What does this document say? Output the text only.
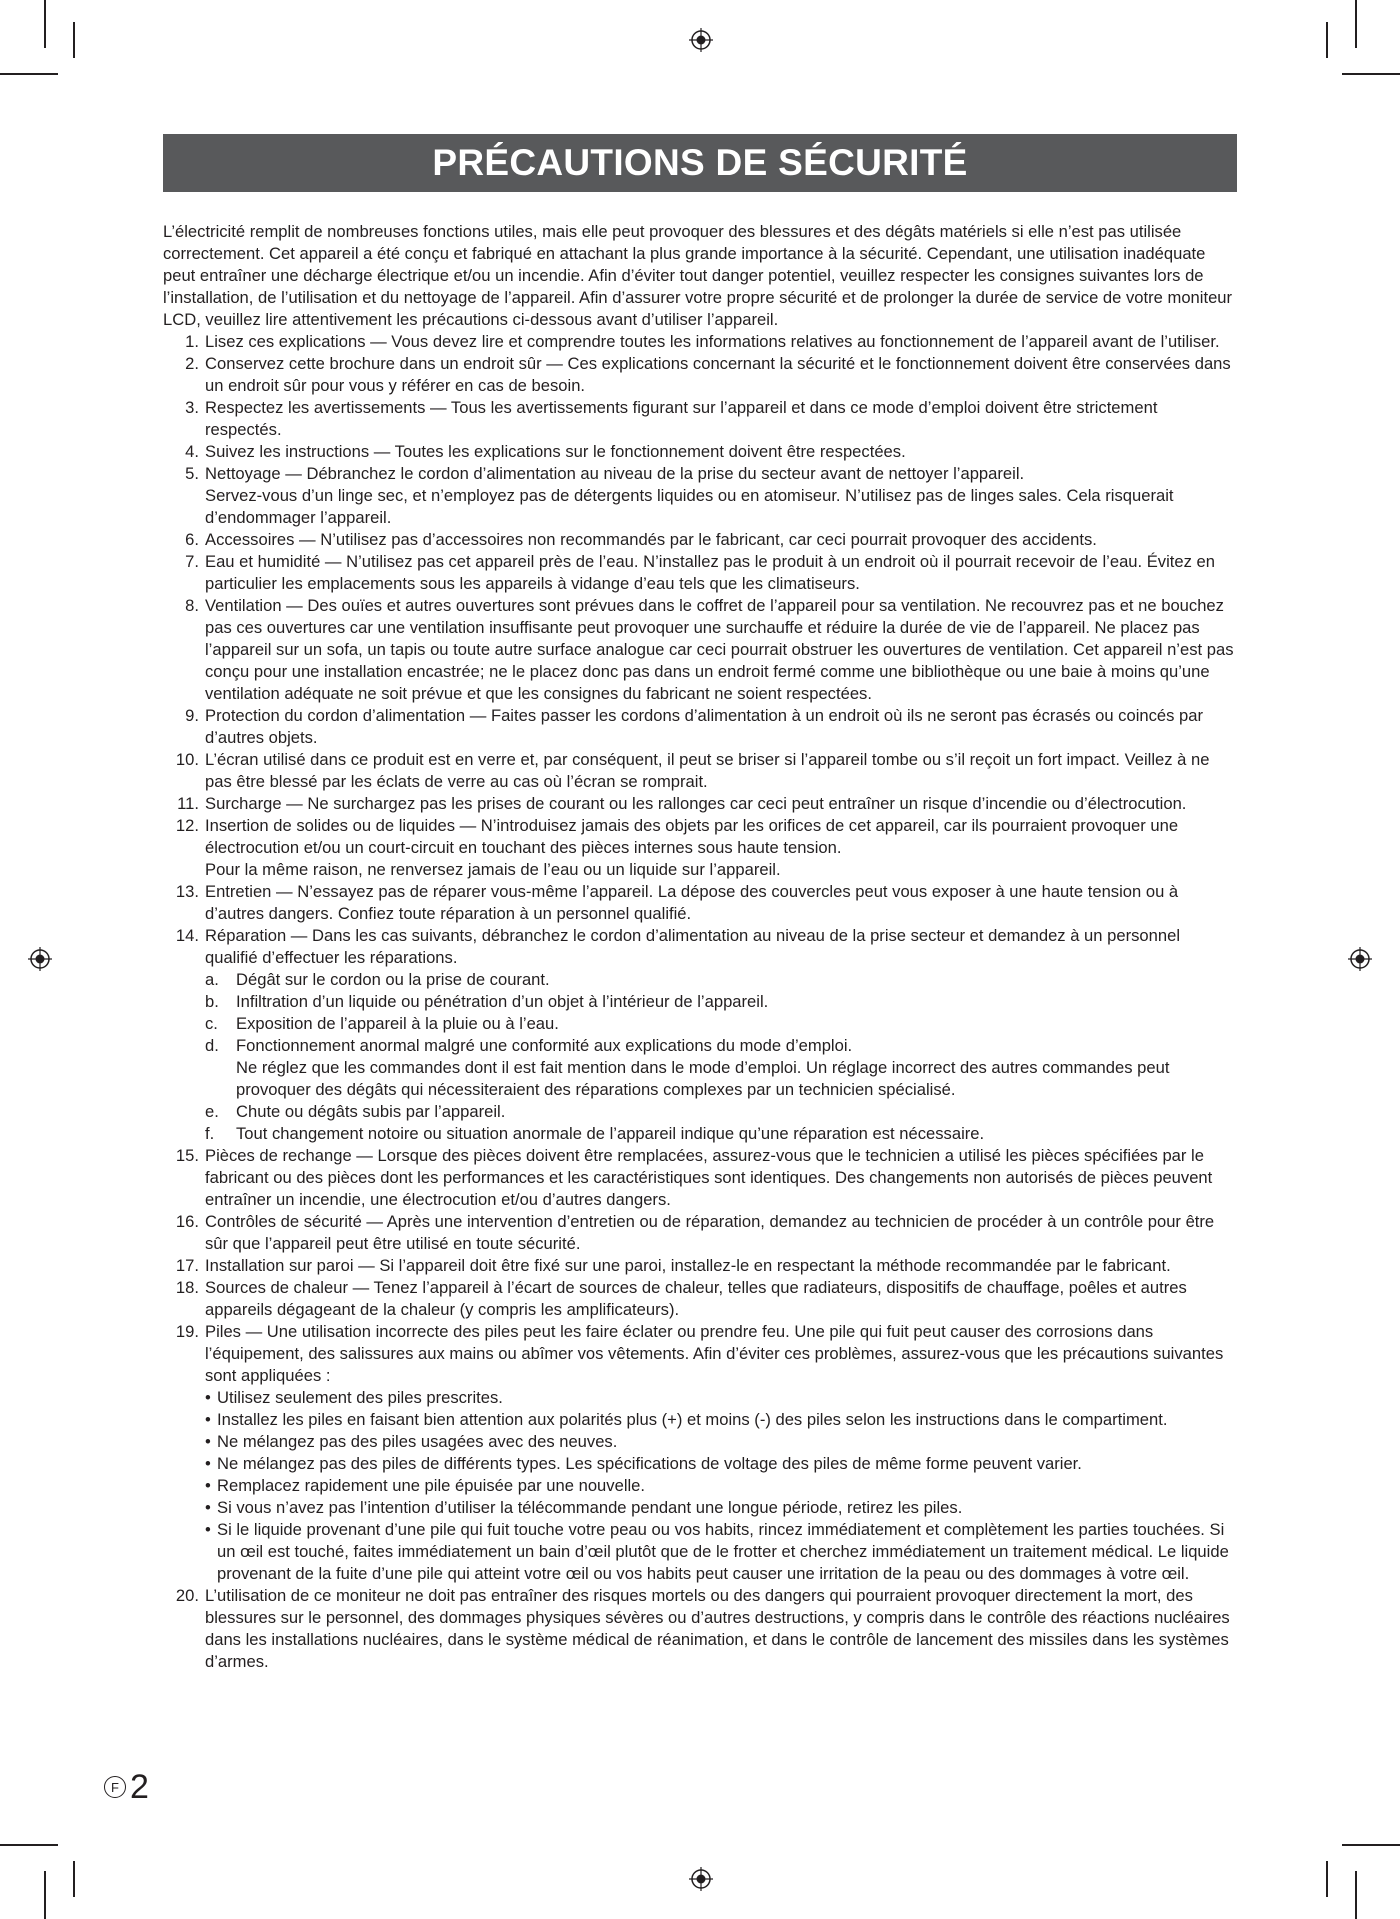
PRÉCAUTIONS DE SÉCURITÉ

L’électricité remplit de nombreuses fonctions utiles, mais elle peut provoquer des blessures et des dégâts matériels si elle n’est pas utilisée correctement. Cet appareil a été conçu et fabriqué en attachant la plus grande importance à la sécurité. Cependant, une utilisation inadéquate peut entraîner une décharge électrique et/ou un incendie. Afin d’éviter tout danger potentiel, veuillez respecter les consignes suivantes lors de l’installation, de l’utilisation et du nettoyage de l’appareil. Afin d’assurer votre propre sécurité et de prolonger la durée de service de votre moniteur LCD, veuillez lire attentivement les précautions ci-dessous avant d’utiliser l’appareil.

1. Lisez ces explications — Vous devez lire et comprendre toutes les informations relatives au fonctionnement de l’appareil avant de l’utiliser.
2. Conservez cette brochure dans un endroit sûr — Ces explications concernant la sécurité et le fonctionnement doivent être conservées dans un endroit sûr pour vous y référer en cas de besoin.
3. Respectez les avertissements — Tous les avertissements figurant sur l’appareil et dans ce mode d’emploi doivent être strictement respectés.
4. Suivez les instructions — Toutes les explications sur le fonctionnement doivent être respectées.
5. Nettoyage — Débranchez le cordon d’alimentation au niveau de la prise du secteur avant de nettoyer l’appareil.
Servez-vous d’un linge sec, et n’employez pas de détergents liquides ou en atomiseur. N’utilisez pas de linges sales. Cela risquerait d’endommager l’appareil.
6. Accessoires — N’utilisez pas d’accessoires non recommandés par le fabricant, car ceci pourrait provoquer des accidents.
7. Eau et humidité — N’utilisez pas cet appareil près de l’eau. N’installez pas le produit à un endroit où il pourrait recevoir de l’eau. Évitez en particulier les emplacements sous les appareils à vidange d’eau tels que les climatiseurs.
8. Ventilation — Des ouïes et autres ouvertures sont prévues dans le coffret de l’appareil pour sa ventilation. Ne recouvrez pas et ne bouchez pas ces ouvertures car une ventilation insuffisante peut provoquer une surchauffe et réduire la durée de vie de l’appareil. Ne placez pas l’appareil sur un sofa, un tapis ou toute autre surface analogue car ceci pourrait obstruer les ouvertures de ventilation. Cet appareil n’est pas conçu pour une installation encastrée; ne le placez donc pas dans un endroit fermé comme une bibliothèque ou une baie à moins qu’une ventilation adéquate ne soit prévue et que les consignes du fabricant ne soient respectées.
9. Protection du cordon d’alimentation — Faites passer les cordons d’alimentation à un endroit où ils ne seront pas écrasés ou coincés par d’autres objets.
10. L’écran utilisé dans ce produit est en verre et, par conséquent, il peut se briser si l’appareil tombe ou s’il reçoit un fort impact. Veillez à ne pas être blessé par les éclats de verre au cas où l’écran se romprait.
11. Surcharge — Ne surchargez pas les prises de courant ou les rallonges car ceci peut entraîner un risque d’incendie ou d’électrocution.
12. Insertion de solides ou de liquides — N’introduisez jamais des objets par les orifices de cet appareil, car ils pourraient provoquer une électrocution et/ou un court-circuit en touchant des pièces internes sous haute tension.
Pour la même raison, ne renversez jamais de l’eau ou un liquide sur l’appareil.
13. Entretien — N’essayez pas de réparer vous-même l’appareil. La dépose des couvercles peut vous exposer à une haute tension ou à d’autres dangers. Confiez toute réparation à un personnel qualifié.
14. Réparation — Dans les cas suivants, débranchez le cordon d’alimentation au niveau de la prise secteur et demandez à un personnel qualifié d’effectuer les réparations.
a. Dégât sur le cordon ou la prise de courant.
b. Infiltration d’un liquide ou pénétration d’un objet à l’intérieur de l’appareil.
c. Exposition de l’appareil à la pluie ou à l’eau.
d. Fonctionnement anormal malgré une conformité aux explications du mode d’emploi.
Ne réglez que les commandes dont il est fait mention dans le mode d’emploi. Un réglage incorrect des autres commandes peut provoquer des dégâts qui nécessiteraient des réparations complexes par un technicien spécialisé.
e. Chute ou dégâts subis par l’appareil.
f. Tout changement notoire ou situation anormale de l’appareil indique qu’une réparation est nécessaire.
15. Pièces de rechange — Lorsque des pièces doivent être remplacées, assurez-vous que le technicien a utilisé les pièces spécifiées par le fabricant ou des pièces dont les performances et les caractéristiques sont identiques. Des changements non autorisés de pièces peuvent entraîner un incendie, une électrocution et/ou d’autres dangers.
16. Contrôles de sécurité — Après une intervention d’entretien ou de réparation, demandez au technicien de procéder à un contrôle pour être sûr que l’appareil peut être utilisé en toute sécurité.
17. Installation sur paroi — Si l’appareil doit être fixé sur une paroi, installez-le en respectant la méthode recommandée par le fabricant.
18. Sources de chaleur — Tenez l’appareil à l’écart de sources de chaleur, telles que radiateurs, dispositifs de chauffage, poêles et autres appareils dégageant de la chaleur (y compris les amplificateurs).
19. Piles — Une utilisation incorrecte des piles peut les faire éclater ou prendre feu. Une pile qui fuit peut causer des corrosions dans l’équipement, des salissures aux mains ou abîmer vos vêtements. Afin d’éviter ces problèmes, assurez-vous que les précautions suivantes sont appliquées :
• Utilisez seulement des piles prescrites.
• Installez les piles en faisant bien attention aux polarités plus (+) et moins (-) des piles selon les instructions dans le compartiment.
• Ne mélangez pas des piles usagées avec des neuves.
• Ne mélangez pas des piles de différents types. Les spécifications de voltage des piles de même forme peuvent varier.
• Remplacez rapidement une pile épuisée par une nouvelle.
• Si vous n’avez pas l’intention d’utiliser la télécommande pendant une longue période, retirez les piles.
• Si le liquide provenant d’une pile qui fuit touche votre peau ou vos habits, rincez immédiatement et complètement les parties touchées. Si un œil est touché, faites immédiatement un bain d’œil plutôt que de le frotter et cherchez immédiatement un traitement médical. Le liquide provenant de la fuite d’une pile qui atteint votre œil ou vos habits peut causer une irritation de la peau ou des dommages à votre œil.
20. L’utilisation de ce moniteur ne doit pas entraîner des risques mortels ou des dangers qui pourraient provoquer directement la mort, des blessures sur le personnel, des dommages physiques sévères ou d’autres destructions, y compris dans le contrôle des réactions nucléaires dans les installations nucléaires, dans le système médical de réanimation, et dans le contrôle de lancement des missiles dans les systèmes d’armes.
F 2
